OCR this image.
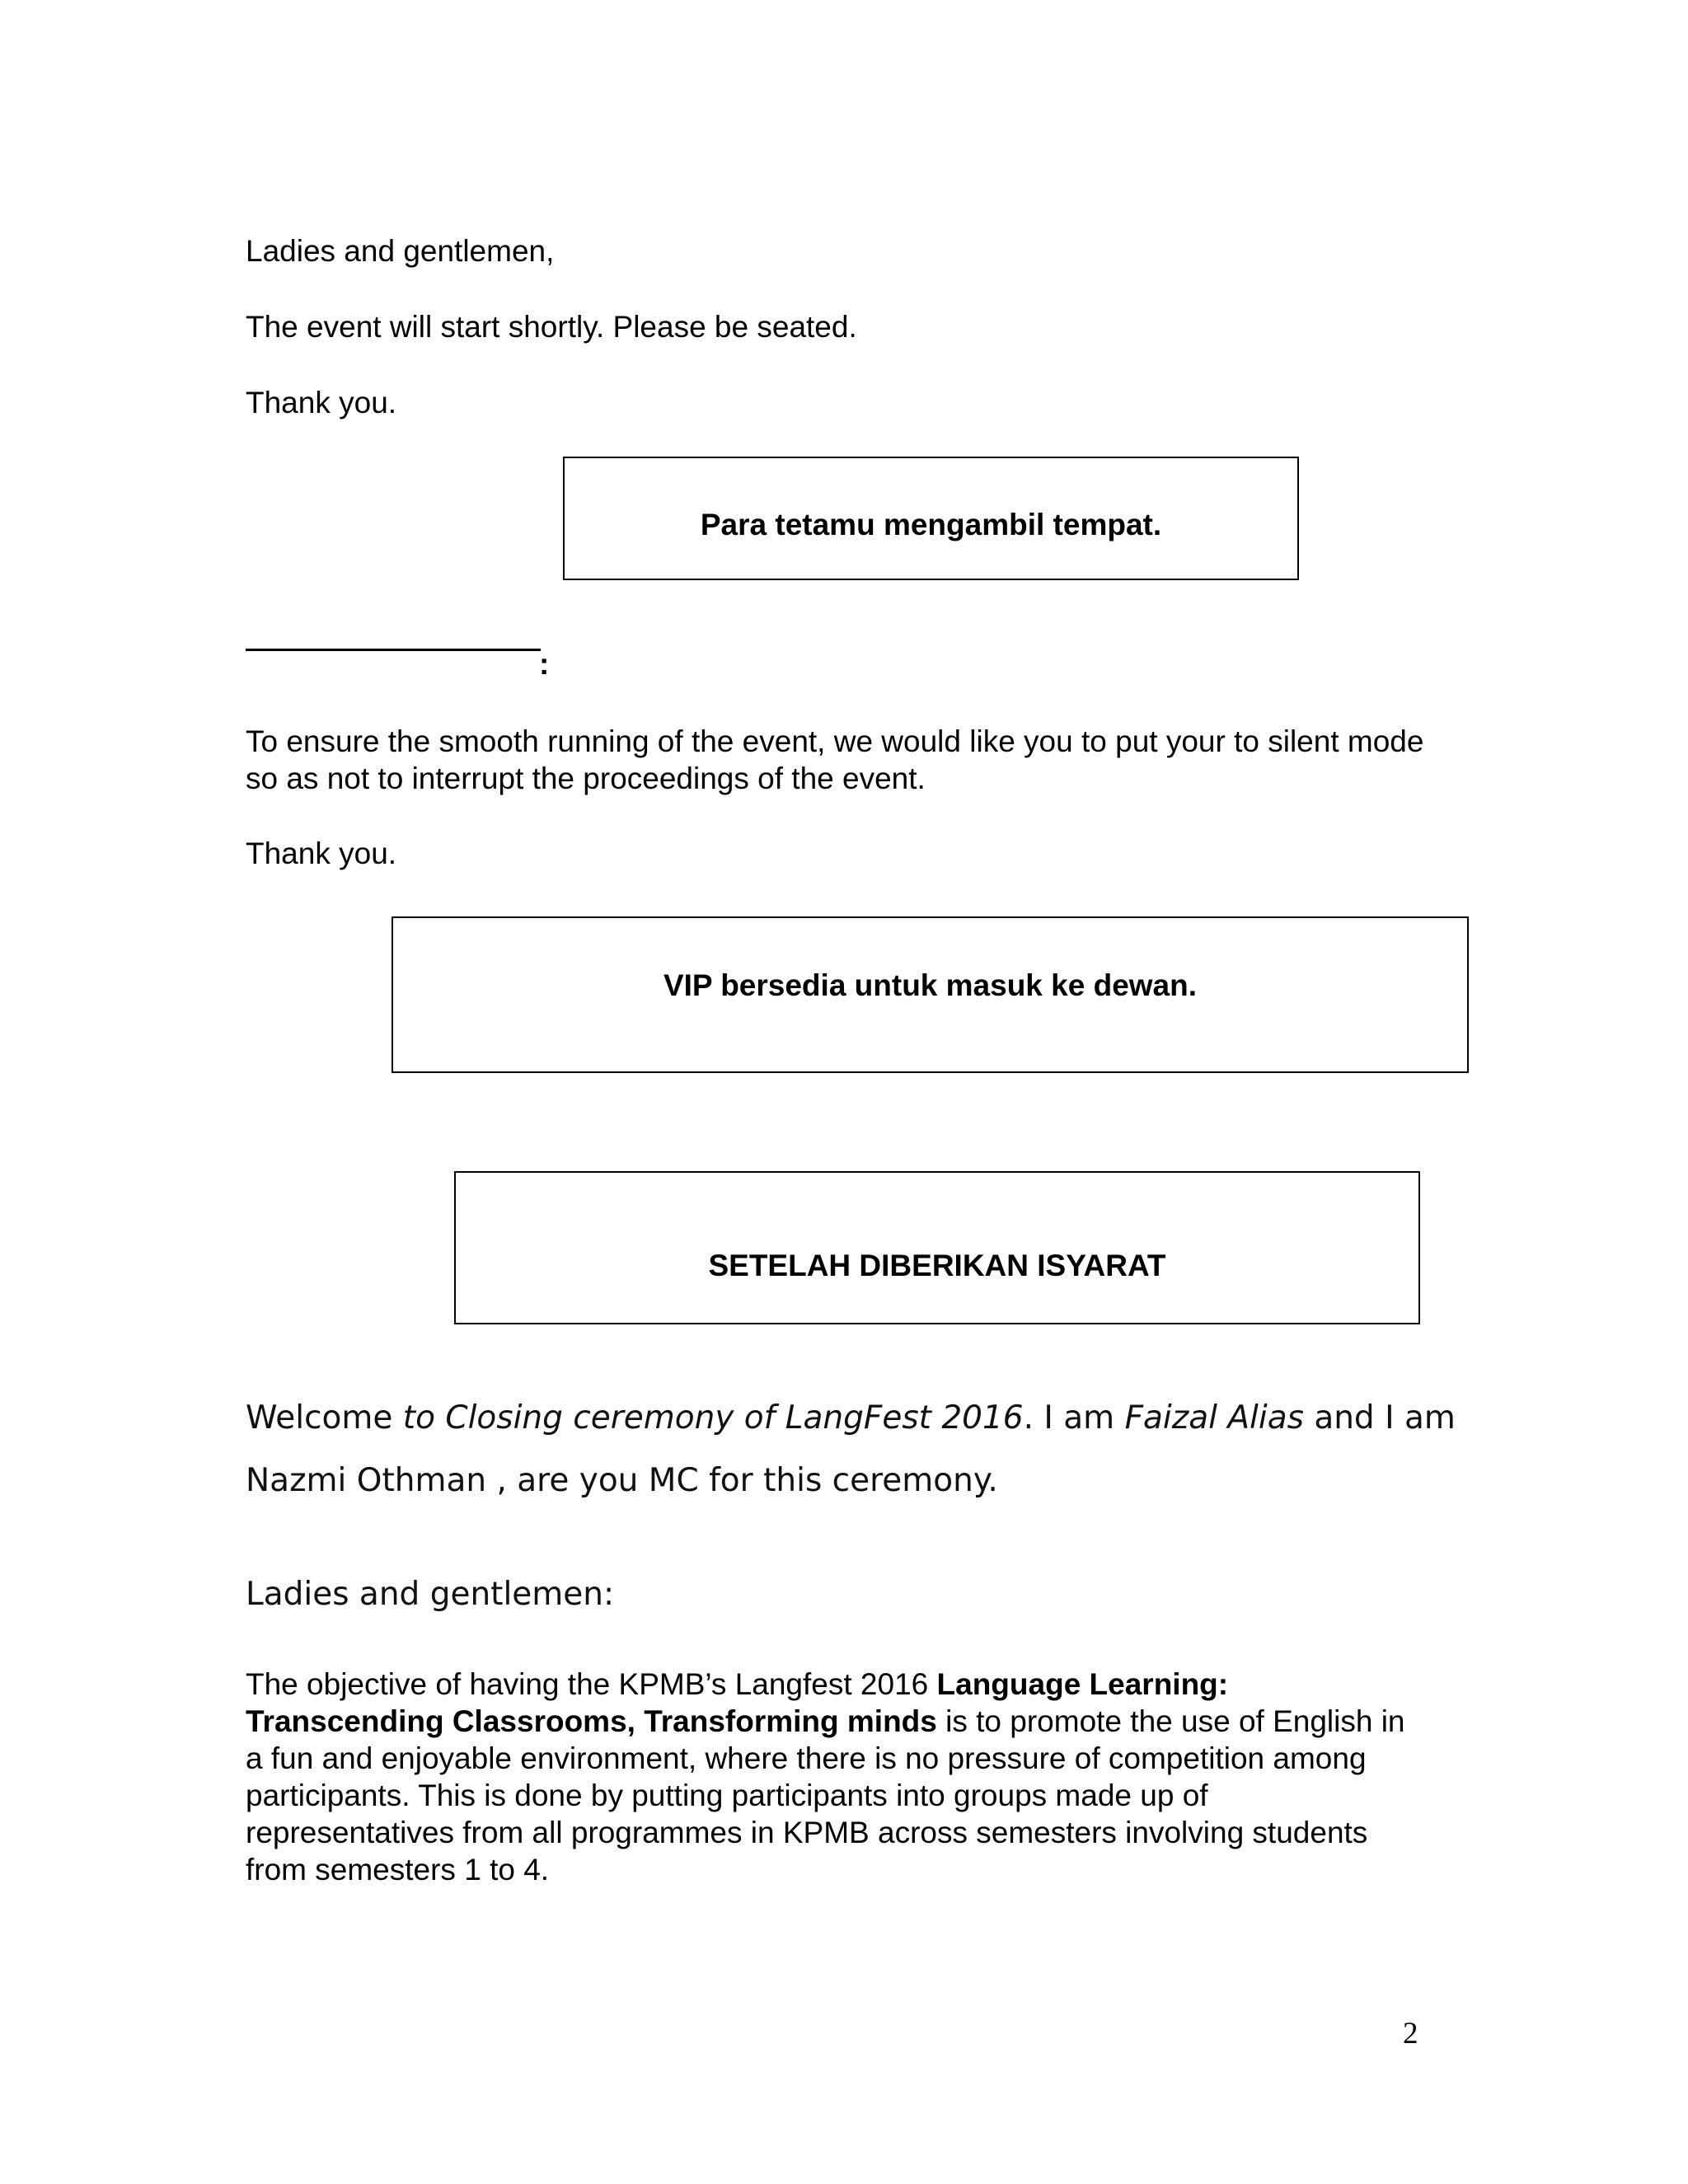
Ladies and gentlemen,

The event will start shortly. Please be seated.

Thank you.

Para tetamu mengambil tempat.
:

To ensure the smooth running of the event, we would like you to put your to silent mode so as not to interrupt the proceedings of the event.

Thank you.

VIP bersedia untuk masuk ke dewan.
SETELAH DIBERIKAN ISYARAT

Welcome to Closing ceremony of LangFest 2016. I am Faizal Alias and I am

Nazmi Othman , are you MC for this ceremony.

Ladies and gentlemen:

The objective of having the KPMB’s Langfest 2016 Language Learning: Transcending Classrooms, Transforming minds is to promote the use of English in a fun and enjoyable environment, where there is no pressure of competition among participants. This is done by putting participants into groups made up of representatives from all programmes in KPMB across semesters involving students from semesters 1 to 4.

2
